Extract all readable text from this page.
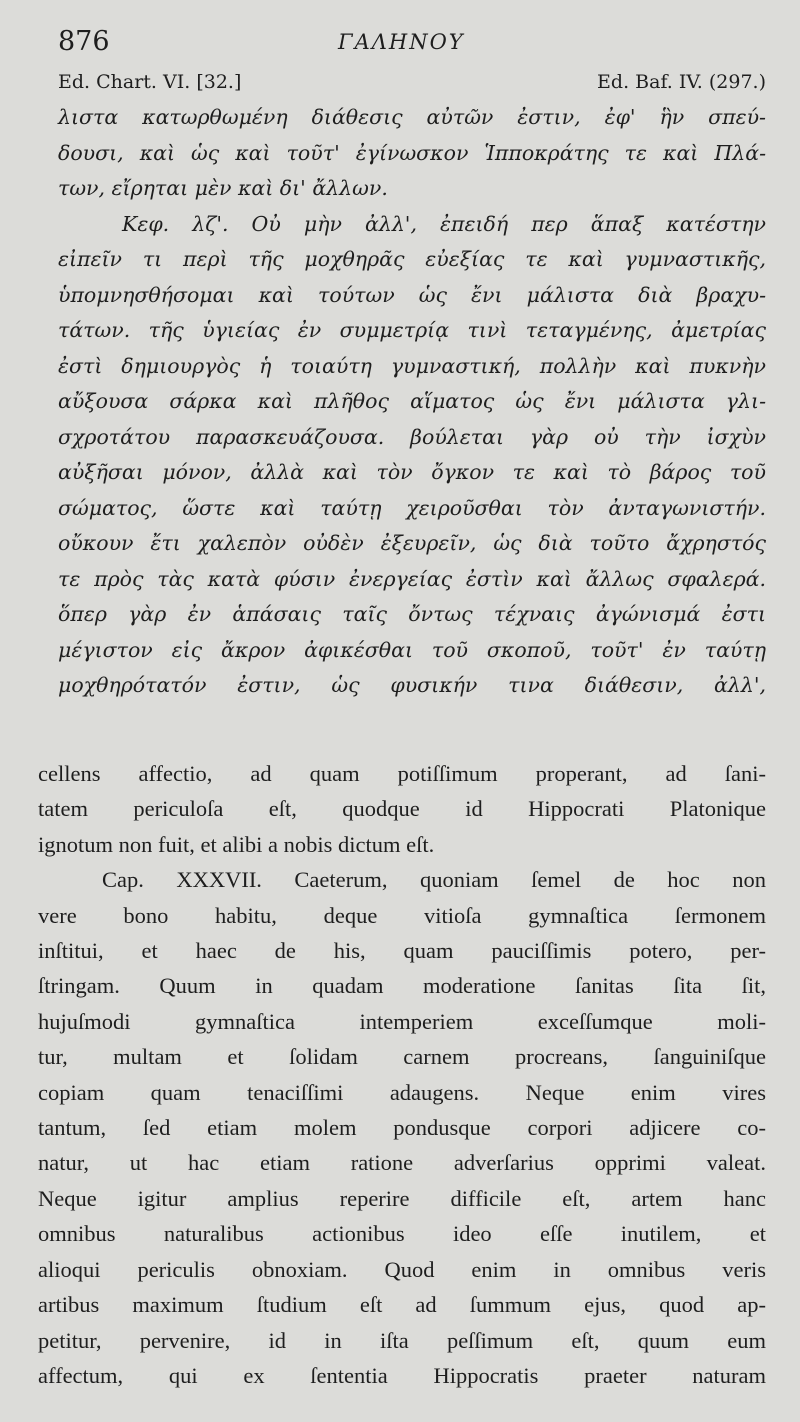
876	ΓΑΛΗΝΟΥ
Ed. Chart. VI. [32.]	Ed. Baf. IV. (297.)
λιστα κατωρθωμένη διάθεσις αὐτῶν ἐστιν, ἐφ' ἣν σπεύ-
δουσι, καὶ ὡς καὶ τοῦτ' ἐγίνωσκον Ἱπποκράτης τε καὶ Πλά-
των, εἴρηται μὲν καὶ δι' ἄλλων.
Κεφ. λζ'. Οὐ μὴν ἀλλ', ἐπειδή περ ἅπαξ κατέστην
εἰπεῖν τι περὶ τῆς μοχθηρᾶς εὐεξίας τε καὶ γυμναστικῆς,
ὑπομνησθήσομαι καὶ τούτων ὡς ἔνι μάλιστα διὰ βραχυ-
τάτων. τῆς ὑγιείας ἐν συμμετρίᾳ τινὶ τεταγμένης, ἀμετρίας
ἐστὶ δημιουργὸς ἡ τοιαύτη γυμναστική, πολλὴν καὶ πυκνὴν
αὔξουσα σάρκα καὶ πλῆθος αἵματος ὡς ἔνι μάλιστα γλι-
σχροτάτου παρασκευάζουσα. βούλεται γὰρ οὐ τὴν ἰσχὺν
αὐξῆσαι μόνον, ἀλλὰ καὶ τὸν ὄγκον τε καὶ τὸ βάρος τοῦ
σώματος, ὥστε καὶ ταύτῃ χειροῦσθαι τὸν ἀνταγωνιστήν.
οὔκουν ἔτι χαλεπὸν οὐδὲν ἐξευρεῖν, ὡς διὰ τοῦτο ἄχρηστός
τε πρὸς τὰς κατὰ φύσιν ἐνεργείας ἐστὶν καὶ ἄλλως σφαλερά.
ὅπερ γὰρ ἐν ἁπάσαις ταῖς ὄντως τέχναις ἀγώνισμά ἐστι
μέγιστον εἰς ἄκρον ἀφικέσθαι τοῦ σκοποῦ, τοῦτ' ἐν ταύτῃ
μοχθηρότατόν ἐστιν, ὡς φυσικήν τινα διάθεσιν, ἀλλ',
cellens affectio, ad quam potiſſimum properant, ad ſani-
tatem periculoſa eſt, quodque id Hippocrati Platonique
ignotum non fuit, et alibi a nobis dictum eſt.
Cap. XXXVII. Caeterum, quoniam ſemel de hoc non
vere bono habitu, deque vitioſa gymnaſtica ſermonem
inſtitui, et haec de his, quam pauciſſimis potero, per-
ſtringam. Quum in quadam moderatione ſanitas ſita ſit,
hujuſmodi gymnaſtica intemperiem exceſſumque moli-
tur, multam et ſolidam carnem procreans, ſanguiniſque
copiam quam tenaciſſimi adaugens. Neque enim vires
tantum, ſed etiam molem pondusque corpori adjicere co-
natur, ut hac etiam ratione adverſarius opprimi valeat.
Neque igitur amplius reperire difficile eſt, artem hanc
omnibus naturalibus actionibus ideo eſſe inutilem, et
alioqui periculis obnoxiam. Quod enim in omnibus veris
artibus maximum ſtudium eſt ad ſummum ejus, quod ap-
petitur, pervenire, id in iſta peſſimum eſt, quum eum
affectum, qui ex ſententia Hippocratis praeter naturam
